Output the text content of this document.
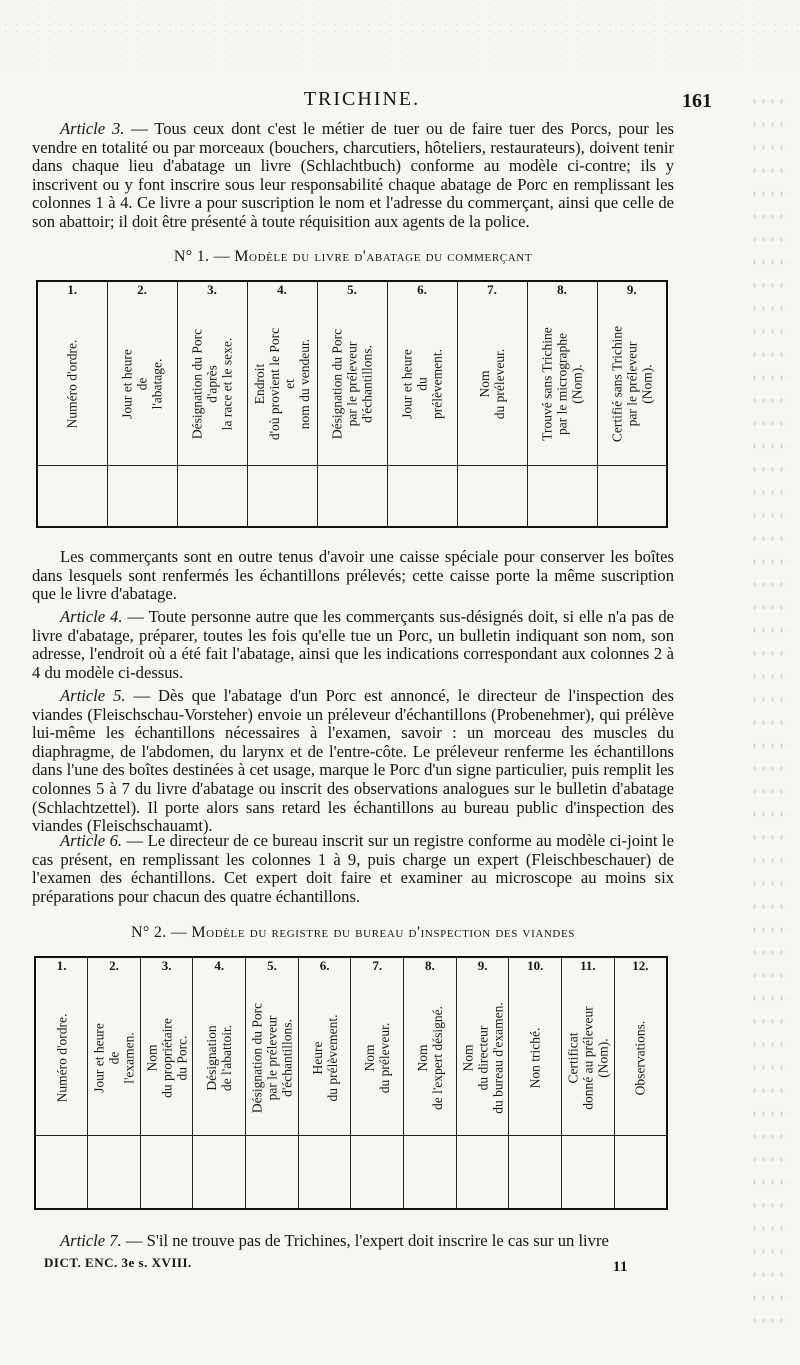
TRICHINE.	161

Article 3. — Tous ceux dont c'est le métier de tuer ou de faire tuer des Porcs, pour les vendre en totalité ou par morceaux (bouchers, charcutiers, hôteliers, restaurateurs), doivent tenir dans chaque lieu d'abatage un livre (Schlachtbuch) conforme au modèle ci-contre; ils y inscrivent ou y font inscrire sous leur responsabilité chaque abatage de Porc en remplissant les colonnes 1 à 4. Ce livre a pour suscription le nom et l'adresse du commerçant, ainsi que celle de son abattoir; il doit être présenté à toute réquisition aux agents de la police.

N° 1. — Modèle du livre d'abatage du commerçant
1.	2.	3.	4.	5.	6.	7.	8.	9.

Numéro d'ordre.	Jour et heure
de
l'abatage.	Désignation du Porc
d'après
la race et le sexe.	Endroit
d'où provient le Porc
et
nom du vendeur.	Désignation du Porc
par le préleveur
d'échantillons.	Jour et heure
du
prélèvement.	Nom
du préleveur.	Trouvé sans Trichine
par le micrographe
(Nom).	Certifié sans Trichine
par le préleveur
(Nom).

Les commerçants sont en outre tenus d'avoir une caisse spéciale pour conserver les boîtes dans lesquels sont renfermés les échantillons prélevés; cette caisse porte la même suscription que le livre d'abatage.

Article 4. — Toute personne autre que les commerçants sus-désignés doit, si elle n'a pas de livre d'abatage, préparer, toutes les fois qu'elle tue un Porc, un bulletin indiquant son nom, son adresse, l'endroit où a été fait l'abatage, ainsi que les indications correspondant aux colonnes 2 à 4 du modèle ci-dessus.

Article 5. — Dès que l'abatage d'un Porc est annoncé, le directeur de l'inspection des viandes (Fleischschau-Vorsteher) envoie un préleveur d'échantillons (Probenehmer), qui prélève lui-même les échantillons nécessaires à l'examen, savoir : un morceau des muscles du diaphragme, de l'abdomen, du larynx et de l'entre-côte. Le préleveur renferme les échantillons dans l'une des boîtes destinées à cet usage, marque le Porc d'un signe particulier, puis remplit les colonnes 5 à 7 du livre d'abatage ou inscrit des observations analogues sur le bulletin d'abatage (Schlachtzettel). Il porte alors sans retard les échantillons au bureau public d'inspection des viandes (Fleischschauamt).

Article 6. — Le directeur de ce bureau inscrit sur un registre conforme au modèle ci-joint le cas présent, en remplissant les colonnes 1 à 9, puis charge un expert (Fleischbeschauer) de l'examen des échantillons. Cet expert doit faire et examiner au microscope au moins six préparations pour chacun des quatre échantillons.

N° 2. — Modèle du registre du bureau d'inspection des viandes
1.	2.	3.	4.	5.	6.	7.	8.	9.	10.	11.	12.

Numéro d'ordre.	Jour et heure
de
l'examen.	Nom
du propriétaire
du Porc.	Désignation
de l'abattoir.	Désignation du Porc
par le préleveur
d'échantillons.	Heure
du prélèvement.	Nom
du préleveur.	Nom
de l'expert désigné.	Nom
du directeur
du bureau d'examen.	Non triché.	Certificat
donné au préleveur
(Nom).	Observations.

Article 7. — S'il ne trouve pas de Trichines, l'expert doit inscrire le cas sur un livre

DICT. ENC. 3e s. XVIII.	11
